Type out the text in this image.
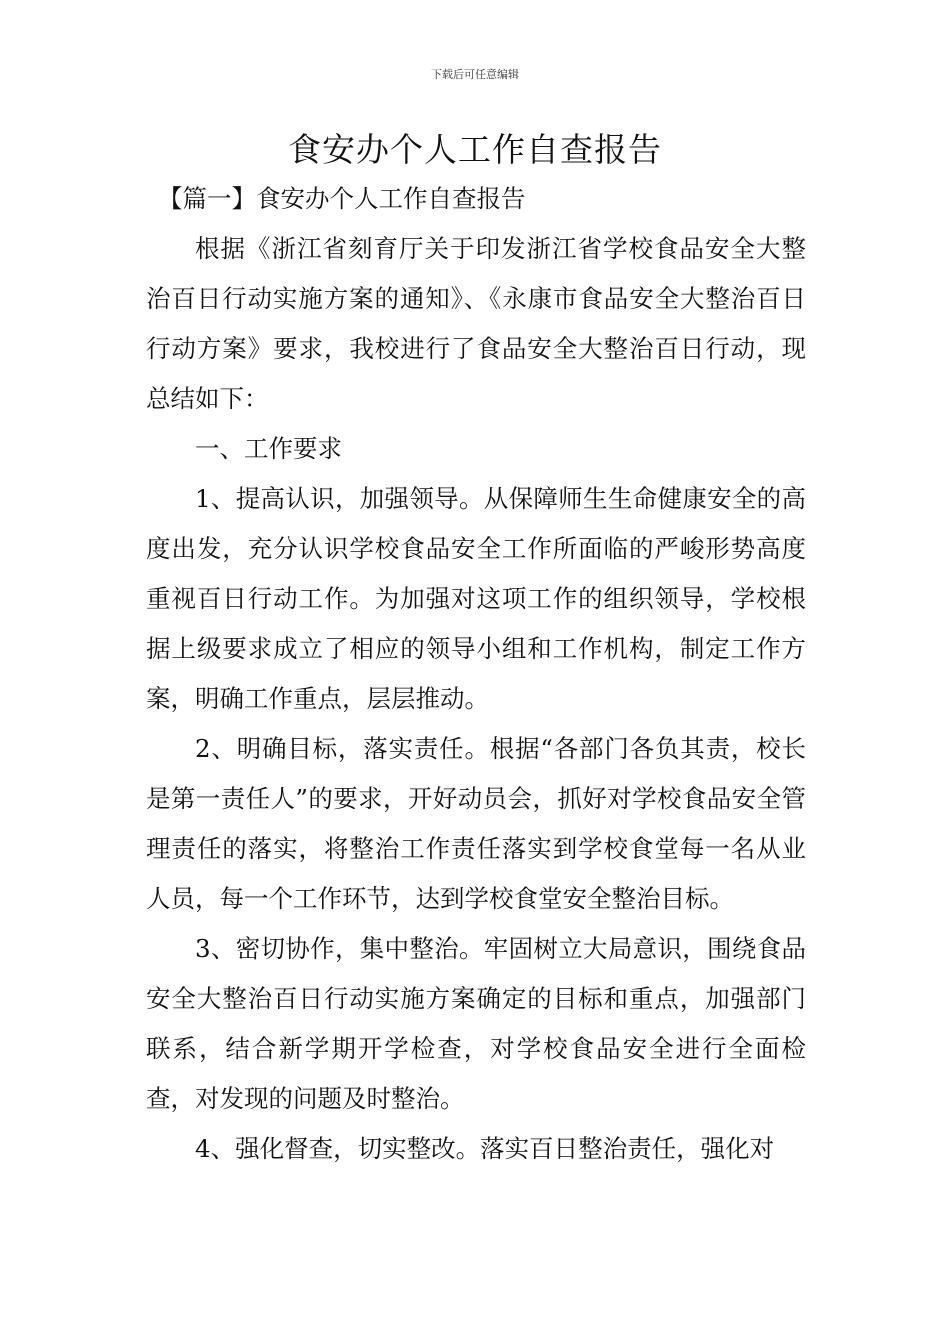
下载后可任意编辑
食安办个人工作自查报告

【篇一】食安办个人工作自查报告

根据《浙江省刻育厅关于印发浙江省学校食品安全大整治百日行动实施方案的通知》、《永康市食品安全大整治百日行动方案》要求，我校进行了食品安全大整治百日行动，现总结如下：

一、工作要求

1、提高认识，加强领导。从保障师生生命健康安全的高度出发，充分认识学校食品安全工作所面临的严峻形势高度重视百日行动工作。为加强对这项工作的组织领导，学校根据上级要求成立了相应的领导小组和工作机构，制定工作方案，明确工作重点，层层推动。

2、明确目标，落实责任。根据“各部门各负其责，校长是第一责任人”的要求，开好动员会，抓好对学校食品安全管理责任的落实，将整治工作责任落实到学校食堂每一名从业人员，每一个工作环节，达到学校食堂安全整治目标。

3、密切协作，集中整治。牢固树立大局意识，围绕食品安全大整治百日行动实施方案确定的目标和重点，加强部门联系，结合新学期开学检查，对学校食品安全进行全面检查，对发现的问题及时整治。

4、强化督查，切实整改。落实百日整治责任，强化对
